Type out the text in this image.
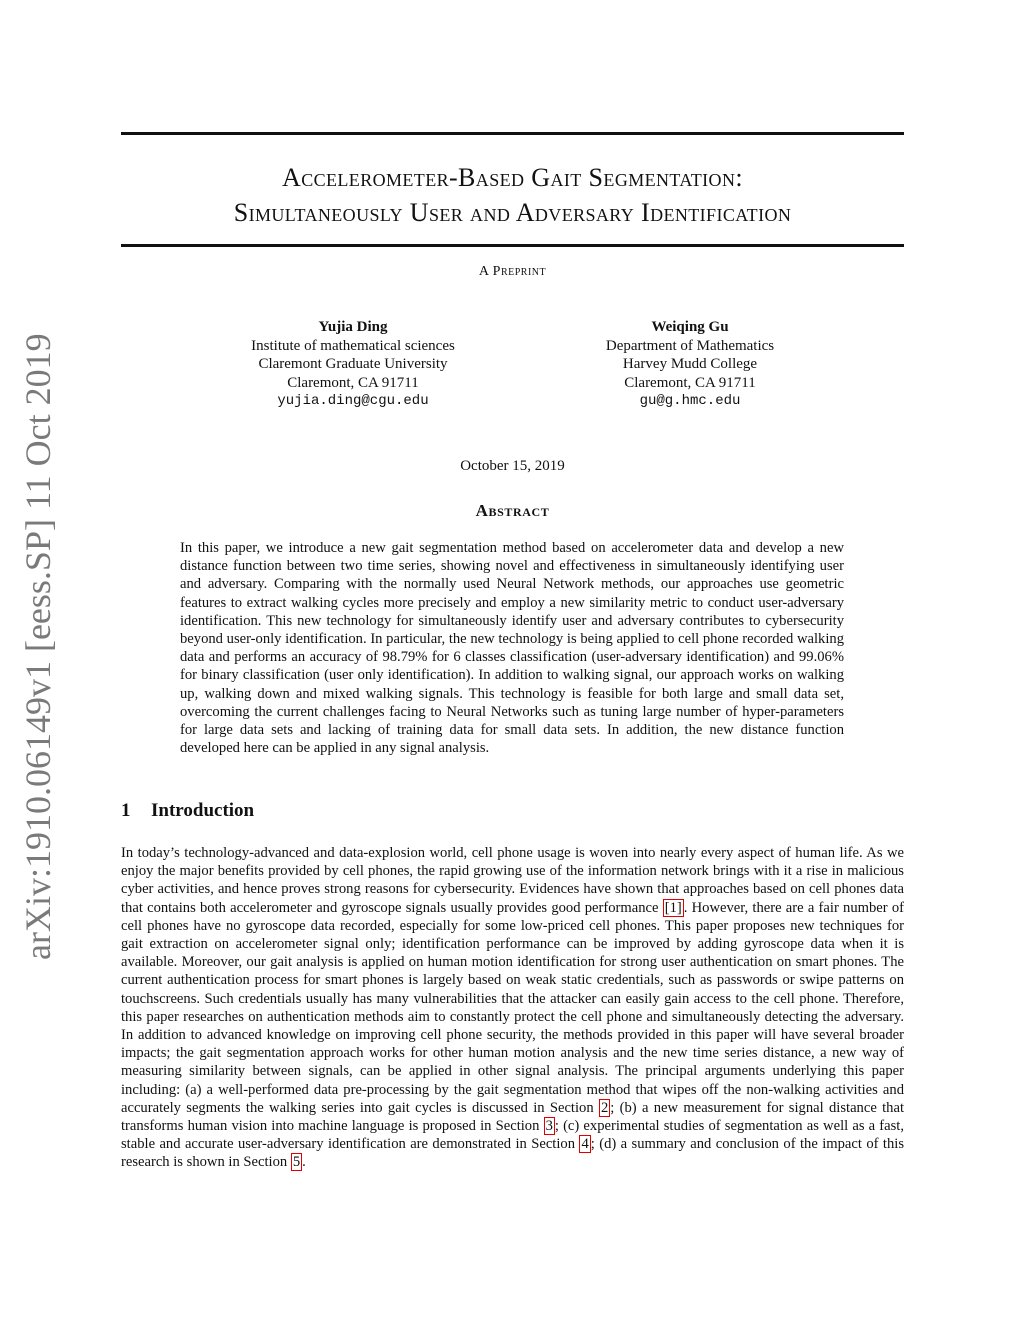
arXiv:1910.06149v1 [eess.SP] 11 Oct 2019
Accelerometer-Based Gait Segmentation:
Simultaneously User and Adversary Identification
A Preprint
Yujia Ding
Institute of mathematical sciences
Claremont Graduate University
Claremont, CA 91711
yujia.ding@cgu.edu
Weiqing Gu
Department of Mathematics
Harvey Mudd College
Claremont, CA 91711
gu@g.hmc.edu
October 15, 2019
Abstract

In this paper, we introduce a new gait segmentation method based on accelerometer data and develop a new distance function between two time series, showing novel and effectiveness in simultaneously identifying user and adversary. Comparing with the normally used Neural Network methods, our approaches use geometric features to extract walking cycles more precisely and employ a new similarity metric to conduct user-adversary identification. This new technology for simultaneously identify user and adversary contributes to cybersecurity beyond user-only identification. In particular, the new technology is being applied to cell phone recorded walking data and performs an accuracy of 98.79% for 6 classes classification (user-adversary identification) and 99.06% for binary classification (user only identification). In addition to walking signal, our approach works on walking up, walking down and mixed walking signals. This technology is feasible for both large and small data set, overcoming the current challenges facing to Neural Networks such as tuning large number of hyper-parameters for large data sets and lacking of training data for small data sets. In addition, the new distance function developed here can be applied in any signal analysis.

1 Introduction

In today’s technology-advanced and data-explosion world, cell phone usage is woven into nearly every aspect of human life. As we enjoy the major benefits provided by cell phones, the rapid growing use of the information network brings with it a rise in malicious cyber activities, and hence proves strong reasons for cybersecurity. Evidences have shown that approaches based on cell phones data that contains both accelerometer and gyroscope signals usually provides good performance [1] . However, there are a fair number of cell phones have no gyroscope data recorded, especially for some low-priced cell phones. This paper proposes new techniques for gait extraction on accelerometer signal only; identification performance can be improved by adding gyroscope data when it is available. Moreover, our gait analysis is applied on human motion identification for strong user authentication on smart phones. The current authentication process for smart phones is largely based on weak static credentials, such as passwords or swipe patterns on touchscreens. Such credentials usually has many vulnerabilities that the attacker can easily gain access to the cell phone. Therefore, this paper researches on authentication methods aim to constantly protect the cell phone and simultaneously detecting the adversary. In addition to advanced knowledge on improving cell phone security, the methods provided in this paper will have several broader impacts; the gait segmentation approach works for other human motion analysis and the new time series distance, a new way of measuring similarity between signals, can be applied in other signal analysis. The principal arguments underlying this paper including: (a) a well-performed data pre-processing by the gait segmentation method that wipes off the non-walking activities and accurately segments the walking series into gait cycles is discussed in Section 2 ; (b) a new measurement for signal distance that transforms human vision into machine language is proposed in Section 3 ; (c) experimental studies of segmentation as well as a fast, stable and accurate user-adversary identification are demonstrated in Section 4 ; (d) a summary and conclusion of the impact of this research is shown in Section 5 .
